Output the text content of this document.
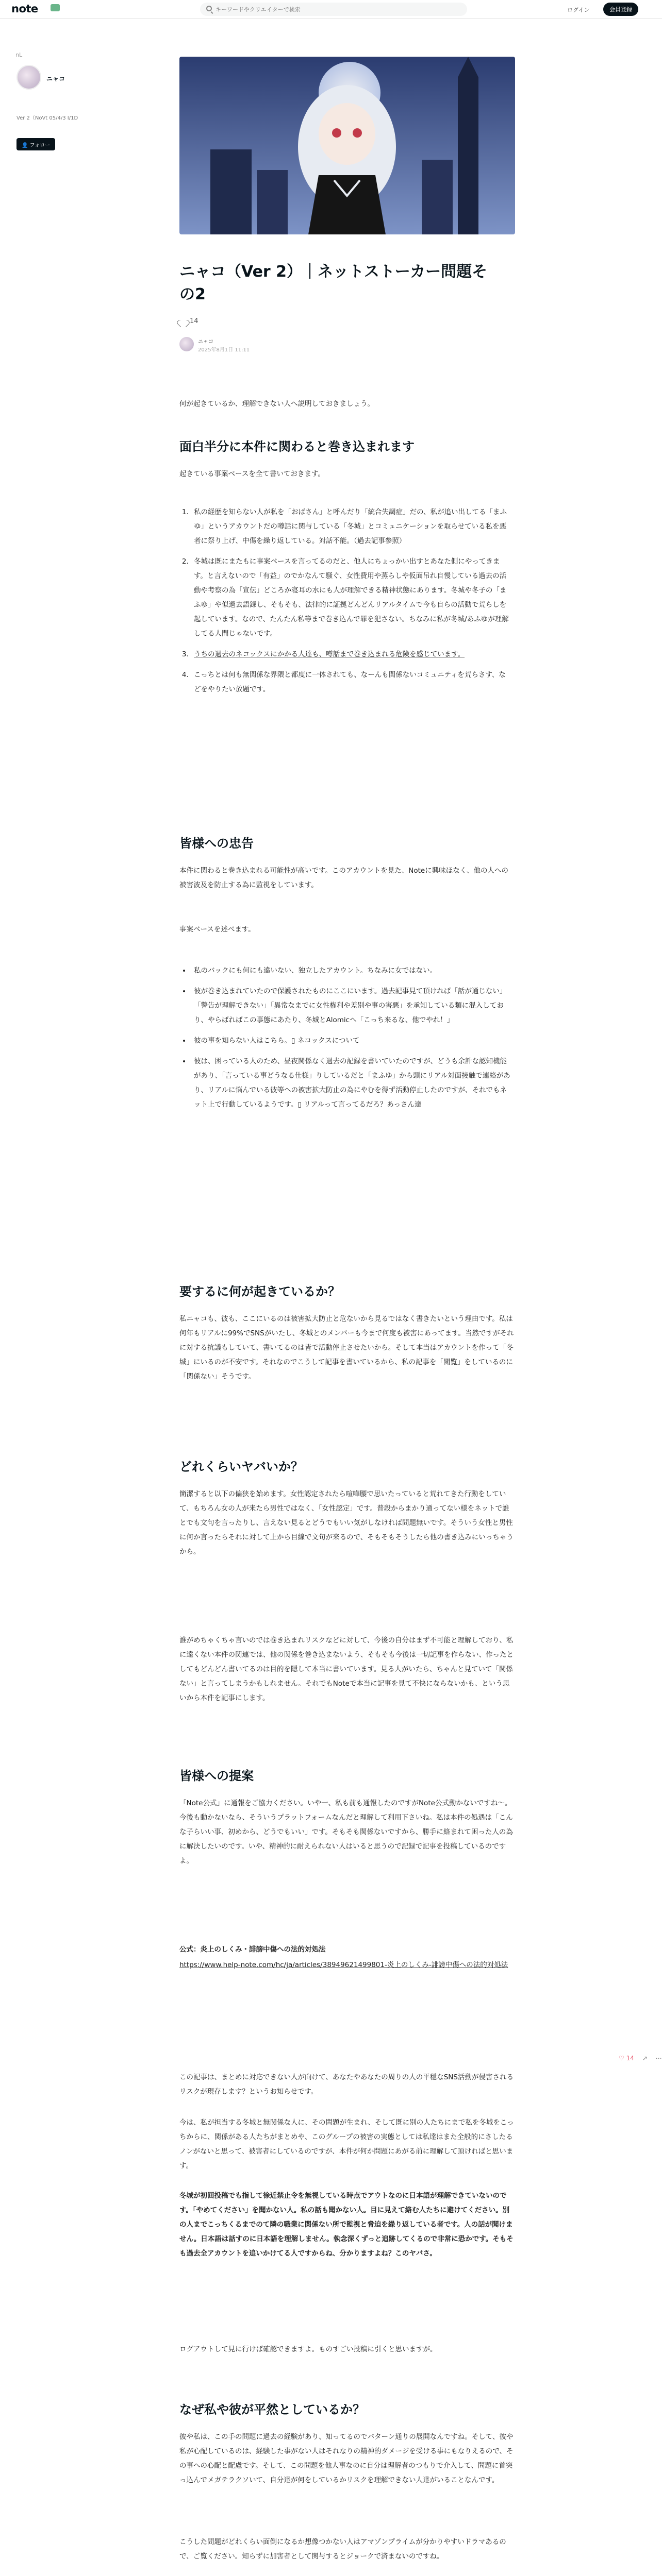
note
キーワードやクリエイターで検索	ログイン	会員登録
nL
ニャコ
Ver 2（NoVt 05/4/3 I/1D
👤 フォロー
ニャコ（Ver 2）｜ネットストーカー問題その2
14
ニャコ
2025年8月1日 11:11

何が起きているか、理解できない人へ説明しておきましょう。

面白半分に本件に関わると巻き込まれます

起きている事案ベースを全て書いておきます。

1. 私の経歴を知らない人が私を「おばさん」と呼んだり「統合失調症」だの、私が追い出してる「まふゆ」というアカウントだの噂話に関与している「冬城」とコミュニケーションを取らせている私を悪者に祭り上げ、中傷を繰り返している。対話不能。（過去記事参照）
2. 冬城は既にまたもに事案ベースを言ってるのだと、他人にちょっかい出すとあなた側にやってきます。と言えないので「有益」のでかなんて騒ぐ、女性費用や蒸らしや仮面吊れ自慢している過去の活動や考察の為「宣伝」どころか寝耳の水にも人が理解できる精神状態にあります。冬城や冬子の「まふゆ」や似過去語録し、そもそも、法律的に証拠どんどんリアルタイムで今も自らの活動で荒らしを起しています。なので、たんたん私等まで巻き込んで罪を犯さない。ちなみに私が冬城/あふゆが理解してる人間じゃないです。
3. うちの過去のネコックスにかかる人達も、噂話まで巻き込まれる危険を感じています。
4. こっちとは何も無関係な界隈と都度に一体されても、なーんも関係ないコミュニティを荒らさす、などをやりたい放題です。
皆様への忠告

本件に関わると巻き込まれる可能性が高いです。このアカウントを見た、Noteに興味ほなく、他の人への被害波及を防止する為に監視をしています。

事案ベースを述べます。

• 私のバックにも何にも違いない、独立したアカウント。ちなみに女ではない。
• 彼が巻き込まれていたので保護されたものにここにいます。過去記事見て頂ければ「話が通じない」「警告が理解できない」「異常なまでに女性権利や差別や事の害悪」を承知している類に混入しており、やらばればこの事態にあたり、冬城とAlomicへ「こっち来るな、他でやれ！」
• 彼の事を知らない人はこちら。▯ ネコックスについて
• 彼は、困っている人のため、昼夜関係なく過去の記録を書いていたのですが、どうも余計な認知機能があり、「言っている事どうなる仕様」りしているだと「まふゆ」から頭にリアル対面接触で連絡があり、リアルに悩んでいる彼等への被害拡大防止の為にやむを得ず活動停止したのですが、それでもネット上で行動しているようです。▯ リアルって言ってるだろ？あっさん達
要するに何が起きているか？

私ニャコも、彼も、ここにいるのは被害拡大防止と危ないから見るではなく書きたいという理由です。私は何年もリアルに99%でSNSがいたし、冬城とのメンバーも今まで何度も被害にあってます。当然ですがそれに対する抗議もしていて、書いてるのは皆で活動停止させたいから。そして本当はアカウントを作って「冬城」にいるのが不安です。それなのでこうして記事を書いているから、私の記事を「閲覧」をしているのに「関係ない」そうです。

どれくらいヤバいか？

簡潔すると以下の偏狭を始めます。女性認定されたら喧嘩腰で思いたっていると荒れてきた行動をしていて、もちろん女の人が来たら男性ではなく、「女性認定」です。普段からまかり通ってない様をネットで誰とでも文句を言ったりし、言えない見るとどうでもいい気がしなければ問題無いです。そういう女性と男性に何か言ったらそれに対して上から目線で文句が来るので、そもそもそうしたら他の書き込みにいっちゃうから。

誰がめちゃくちゃ言いのでは巻き込まれリスクなどに対して、今後の自分はまず不可能と理解しており、私に遠くない本件の関連では、他の関係を巻き込まないよう、そもそも今後は一切記事を作らない、作ったとしてもどんどん書いてるのは目的を隠して本当に書いています。見る人がいたら、ちゃんと見ていて「関係ない」と言ってしまうかもしれません。それでもNoteで本当に記事を見て不快にならないかも、という思いから本件を記事にします。

皆様への提案

「Note公式」に通報をご協力ください。いや一、私も前も通報したのですがNote公式動かないですね～。今後も動かないなら、そういうプラットフォームなんだと理解して利用下さいね。私は本件の処遇は「こんな子らいい事、初めから、どうでもいい」です。そもそも関係ないですから、勝手に絡まれて困った人の為に解決したいのです。いや、精神的に耐えられない人はいると思うので記録で記事を投稿しているのですよ。

公式：炎上のしくみ・誹謗中傷への法的対処法

https://www.help-note.com/hc/ja/articles/38949621499801-炎上のしくみ-誹謗中傷への法的対処法

この記事は、まとめに対応できない人が向けて、あなたやあなたの周りの人の平穏なSNS活動が侵害されるリスクが現存します？というお知らせです。

今は、私が担当する冬城と無関係な人に、その問題が生まれ、そして既に別の人たちにまで私を冬城をこっちからに、関係がある人たちがまとめや、このグループの被害の実態としては私達はまた全般的にさしたるノンがないと思って、被害者にしているのですが、本件が何か問題にあがる前に理解して頂ければと思います。

冬城が初回投稿でも指して徐近禁止令を無視している時点でアウトなのに日本語が理解できていないのです。「やめてください」を聞かない人。私の話も聞かない人。目に見えて絡む人たちに避けてください。別の人までこっちくるまでのて隣の職業に関係ない所で監視と脅迫を繰り返している者です。人の話が聞けません。日本語は話すのに日本語を理解しません。執念深くずっと追跡してくるので非常に恐かです。そもそも過去全アカウントを追いかけてる人ですからね、分かりますよね？このヤバさ。

ログアウトして見に行けば確認できますよ。ものすごい投稿に引くと思いますが。

なぜ私や彼が平然としているか？

彼や私は、この手の問題に過去の経験があり、知ってるのでパターン通りの展開なんですね。そして、彼や私が心配しているのは、経験した事がない人はそれなりの精神的ダメージを受ける事にもなりえるので、その事への心配と配慮です。そして、この問題を他人事なのに自分は理解者のつもりで介入して、問題に首突っ込んでメガテラクソいて、自分達が何をしているかリスクを理解できない人達がいることなんです。

こうした問題がどれくらい面倒になるか想像つかない人はアマゾンプライムが分かりやすいドラマあるので、ご覧ください。知らずに加害者として関与するとジョークで済まないのですね。

♡ 14 ↗ ⋯
